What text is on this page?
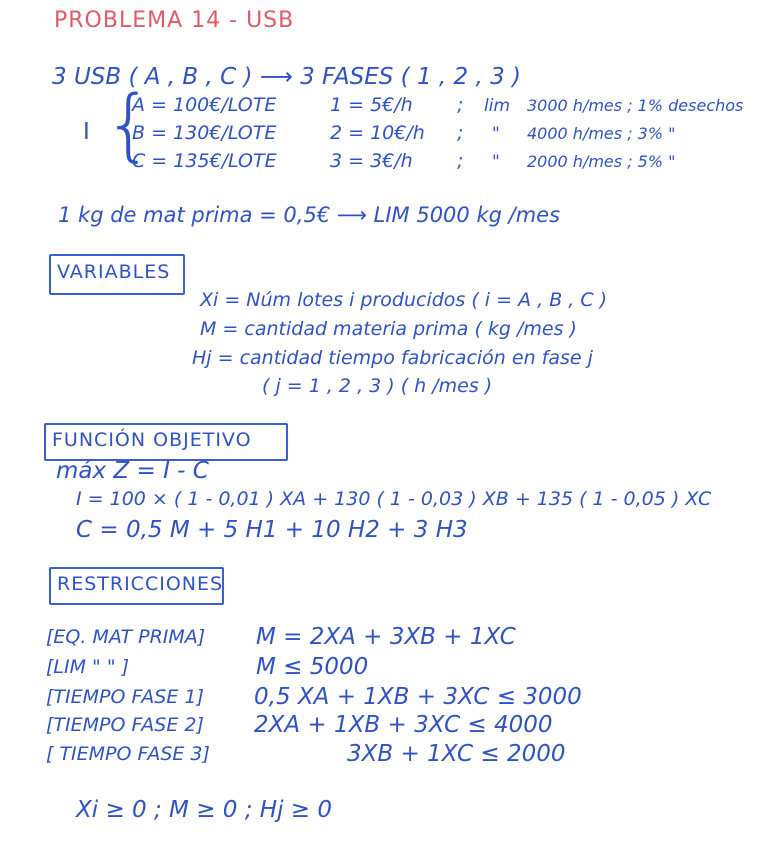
PROBLEMA 14 - USB
3 USB ( A , B , C ) ⟶ 3 FASES ( 1 , 2 , 3 )
I {
A = 100€/LOTE
B = 130€/LOTE
C = 135€/LOTE
1 = 5€/h
2 = 10€/h
3 = 3€/h
;
;
;
lim
"
"
3000 h/mes ; 1% desechos
4000 h/mes ; 3% "
2000 h/mes ; 5% "
1 kg de mat prima = 0,5€ ⟶ LIM 5000 kg /mes
VARIABLES
Xi = Núm lotes i producidos ( i = A , B , C )
M = cantidad materia prima ( kg /mes )
Hj = cantidad tiempo fabricación en fase j
( j = 1 , 2 , 3 ) ( h /mes )
FUNCIÓN OBJETIVO
máx Z = I - C
I = 100 × ( 1 - 0,01 ) XA + 130 ( 1 - 0,03 ) XB + 135 ( 1 - 0,05 ) XC
C = 0,5 M + 5 H1 + 10 H2 + 3 H3
RESTRICCIONES
[EQ. MAT PRIMA]
[LIM " " ]
[TIEMPO FASE 1]
[TIEMPO FASE 2]
[ TIEMPO FASE 3]
M = 2XA + 3XB + 1XC
M ≤ 5000
0,5 XA + 1XB + 3XC ≤ 3000
2XA + 1XB + 3XC ≤ 4000
3XB + 1XC ≤ 2000
Xi ≥ 0 ; M ≥ 0 ; Hj ≥ 0
